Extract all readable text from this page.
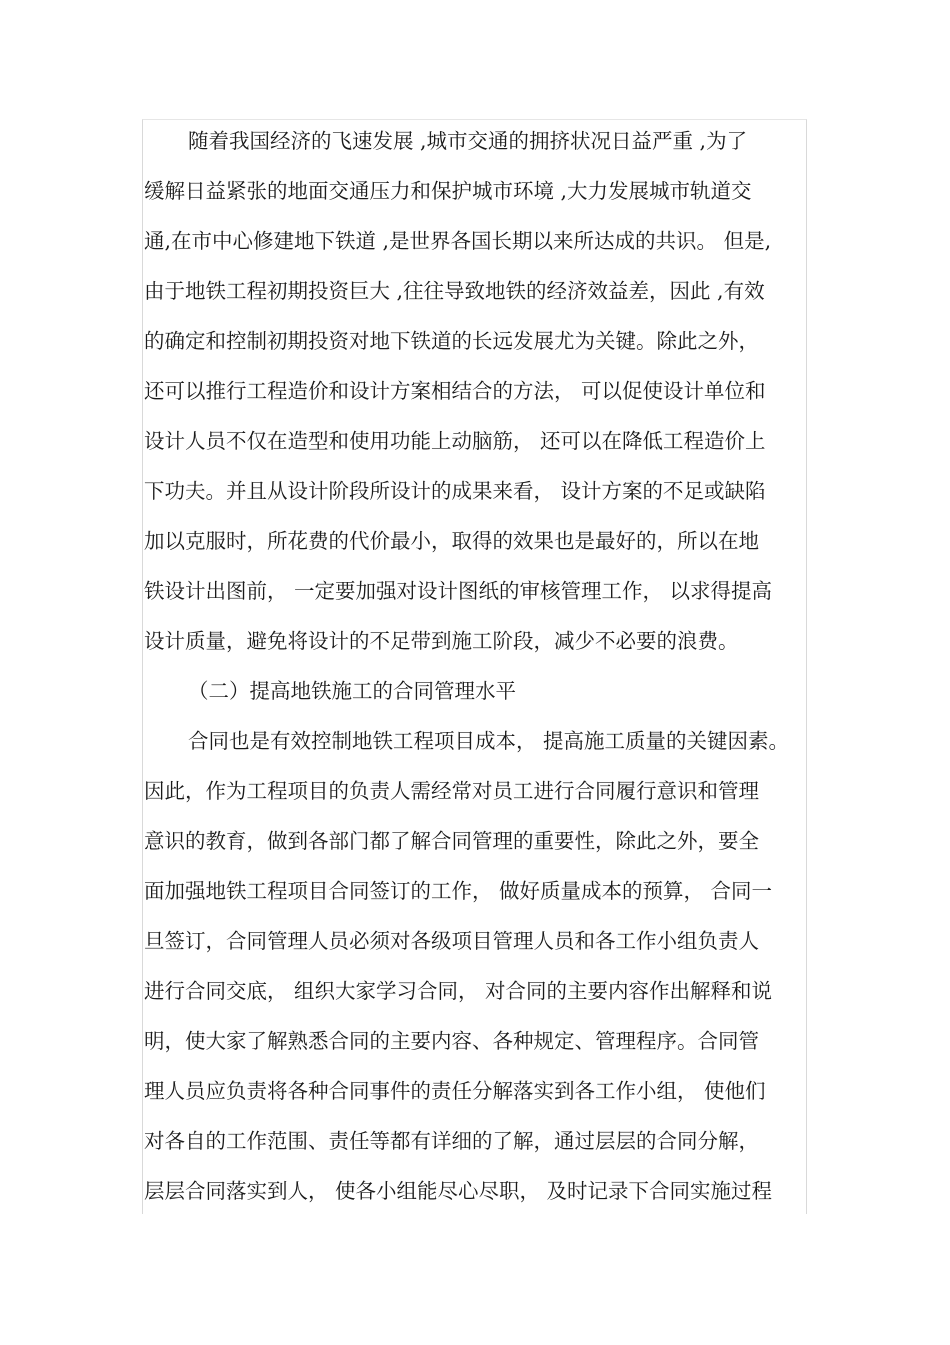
随着我国经济的飞速发展 ,城市交通的拥挤状况日益严重 ,为了
缓解日益紧张的地面交通压力和保护城市环境 ,大力发展城市轨道交
通,在市中心修建地下铁道 ,是世界各国长期以来所达成的共识。 但是,
由于地铁工程初期投资巨大 ,往往导致地铁的经济效益差，因此 ,有效
的确定和控制初期投资对地下铁道的长远发展尤为关键。除此之外，
还可以推行工程造价和设计方案相结合的方法， 可以促使设计单位和
设计人员不仅在造型和使用功能上动脑筋， 还可以在降低工程造价上
下功夫。并且从设计阶段所设计的成果来看， 设计方案的不足或缺陷
加以克服时，所花费的代价最小，取得的效果也是最好的，所以在地
铁设计出图前， 一定要加强对设计图纸的审核管理工作， 以求得提高
设计质量，避免将设计的不足带到施工阶段，减少不必要的浪费。
（二）提高地铁施工的合同管理水平
合同也是有效控制地铁工程项目成本， 提高施工质量的关键因素。
因此，作为工程项目的负责人需经常对员工进行合同履行意识和管理
意识的教育，做到各部门都了解合同管理的重要性，除此之外，要全
面加强地铁工程项目合同签订的工作， 做好质量成本的预算， 合同一
旦签订，合同管理人员必须对各级项目管理人员和各工作小组负责人
进行合同交底， 组织大家学习合同， 对合同的主要内容作出解释和说
明，使大家了解熟悉合同的主要内容、各种规定、管理程序。合同管
理人员应负责将各种合同事件的责任分解落实到各工作小组， 使他们
对各自的工作范围、责任等都有详细的了解，通过层层的合同分解，
层层合同落实到人， 使各小组能尽心尽职， 及时记录下合同实施过程
